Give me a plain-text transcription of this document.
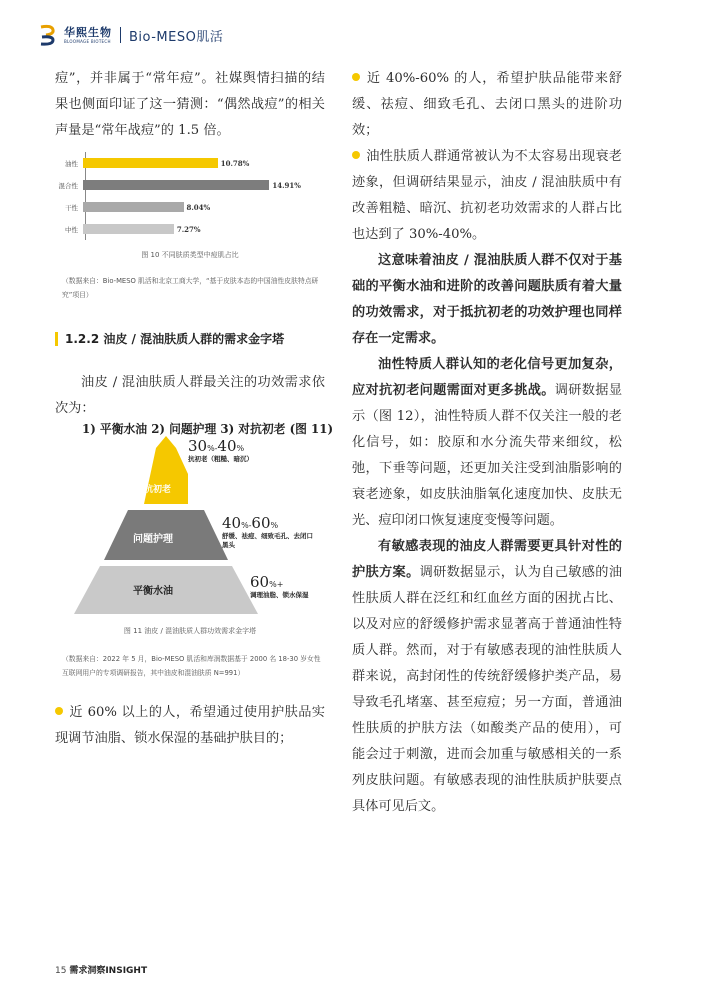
华熙生物
BLOOMAGE BIOTECH Bio-MESO肌活
痘”，并非属于“常年痘”。社媒舆情扫描的结果也侧面印证了这一猜测：“偶然战痘”的相关声量是“常年战痘”的 1.5 倍。
油性	10.78%
混合性	14.91%
干性	8.04%
中性	7.27%
图 10 不同肤质类型中痘肌占比
（数据来自：Bio-MESO 肌活和北京工商大学，“基于皮肤本态的中国油性皮肤特点研究”项目）
1.2.2 油皮 / 混油肤质人群的需求金字塔
油皮 / 混油肤质人群最关注的功效需求依次为：
1) 平衡水油 2) 问题护理 3) 对抗初老 (图 11)
对抗初老
问题护理
平衡水油
30%-40%
抗初老（粗糙、暗沉）
40%-60%
舒缓、祛痘、细致毛孔、去闭口黑头
60%+
调理油脂、锁水保湿
图 11 油皮 / 混油肤质人群功效需求金字塔
（数据来自：2022 年 5 月，Bio-MESO 肌活和库润数据基于 2000 名 18-30 岁女性互联网用户的专项调研报告，其中油皮和混油肤质 N=991）
近 60% 以上的人，希望通过使用护肤品实现调节油脂、锁水保湿的基础护肤目的；
近 40%-60% 的人，希望护肤品能带来舒缓、祛痘、细致毛孔、去闭口黑头的进阶功效；
油性肤质人群通常被认为不太容易出现衰老迹象，但调研结果显示，油皮 / 混油肤质中有改善粗糙、暗沉、抗初老功效需求的人群占比也达到了 30%-40%。
这意味着油皮 / 混油肤质人群不仅对于基础的平衡水油和进阶的改善问题肤质有着大量的功效需求，对于抵抗初老的功效护理也同样存在一定需求。
油性特质人群认知的老化信号更加复杂，应对抗初老问题需面对更多挑战。调研数据显示（图 12），油性特质人群不仅关注一般的老化信号，如：胶原和水分流失带来细纹，松弛，下垂等问题，还更加关注受到油脂影响的衰老迹象，如皮肤油脂氧化速度加快、皮肤无光、痘印闭口恢复速度变慢等问题。
有敏感表现的油皮人群需要更具针对性的护肤方案。调研数据显示，认为自己敏感的油性肤质人群在泛红和红血丝方面的困扰占比、以及对应的舒缓修护需求显著高于普通油性特质人群。然而，对于有敏感表现的油性肤质人群来说，高封闭性的传统舒缓修护类产品，易导致毛孔堵塞、甚至痘痘；另一方面，普通油性肤质的护肤方法（如酸类产品的使用），可能会过于刺激，进而会加重与敏感相关的一系列皮肤问题。有敏感表现的油性肤质护肤要点具体可见后文。
15 需求洞察INSIGHT
